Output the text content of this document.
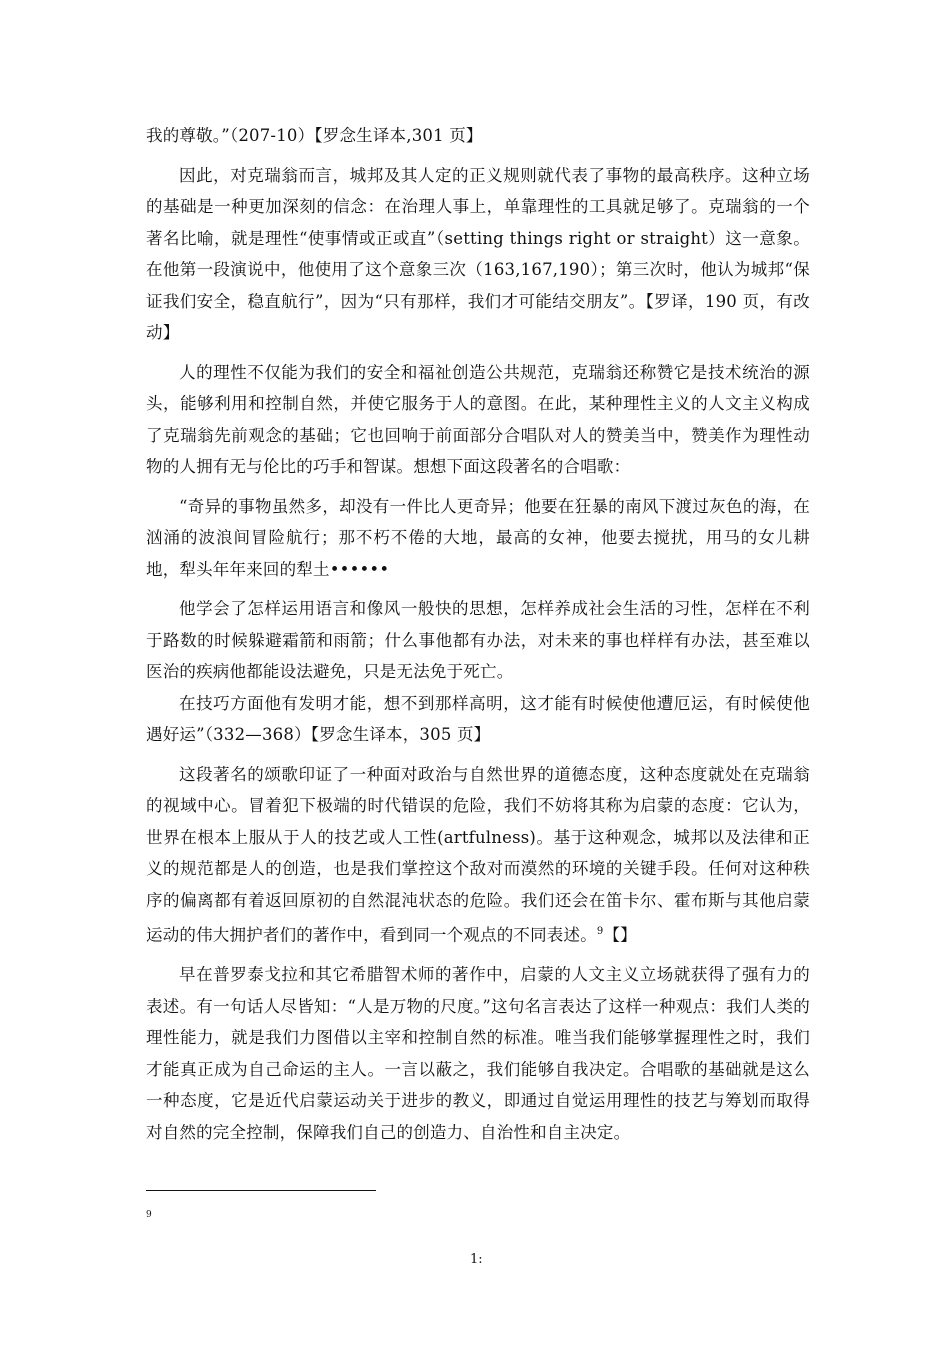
我的尊敬。”（207-10）【罗念生译本,301 页】

因此，对克瑞翁而言，城邦及其人定的正义规则就代表了事物的最高秩序。这种立场的基础是一种更加深刻的信念：在治理人事上，单靠理性的工具就足够了。克瑞翁的一个著名比喻，就是理性“使事情或正或直”（setting things right or straight）这一意象。在他第一段演说中，他使用了这个意象三次（163,167,190）；第三次时，他认为城邦“保证我们安全，稳直航行”，因为“只有那样，我们才可能结交朋友”。【罗译，190 页，有改动】

人的理性不仅能为我们的安全和福祉创造公共规范，克瑞翁还称赞它是技术统治的源头，能够利用和控制自然，并使它服务于人的意图。在此，某种理性主义的人文主义构成了克瑞翁先前观念的基础；它也回响于前面部分合唱队对人的赞美当中，赞美作为理性动物的人拥有无与伦比的巧手和智谋。想想下面这段著名的合唱歌：

“奇异的事物虽然多，却没有一件比人更奇异；他要在狂暴的南风下渡过灰色的海，在汹涌的波浪间冒险航行；那不朽不倦的大地，最高的女神，他要去搅扰，用马的女儿耕地，犁头年年来回的犁土••••••

他学会了怎样运用语言和像风一般快的思想，怎样养成社会生活的习性，怎样在不利于路数的时候躲避霜箭和雨箭；什么事他都有办法，对未来的事也样样有办法，甚至难以医治的疾病他都能设法避免，只是无法免于死亡。

在技巧方面他有发明才能，想不到那样高明，这才能有时候使他遭厄运，有时候使他遇好运”（332—368）【罗念生译本，305 页】

这段著名的颂歌印证了一种面对政治与自然世界的道德态度，这种态度就处在克瑞翁的视域中心。冒着犯下极端的时代错误的危险，我们不妨将其称为启蒙的态度：它认为，世界在根本上服从于人的技艺或人工性(artfulness)。基于这种观念，城邦以及法律和正义的规范都是人的创造，也是我们掌控这个敌对而漠然的环境的关键手段。任何对这种秩序的偏离都有着返回原初的自然混沌状态的危险。我们还会在笛卡尔、霍布斯与其他启蒙运动的伟大拥护者们的著作中，看到同一个观点的不同表述。$^9$【】

早在普罗泰戈拉和其它希腊智术师的著作中，启蒙的人文主义立场就获得了强有力的表述。有一句话人尽皆知：“人是万物的尺度。”这句名言表达了这样一种观点：我们人类的理性能力，就是我们力图借以主宰和控制自然的标准。唯当我们能够掌握理性之时，我们才能真正成为自己命运的主人。一言以蔽之，我们能够自我决定。合唱歌的基础就是这么一种态度，它是近代启蒙运动关于进步的教义，即通过自觉运用理性的技艺与筹划而取得对自然的完全控制，保障我们自己的创造力、自治性和自主决定。

9
1:
